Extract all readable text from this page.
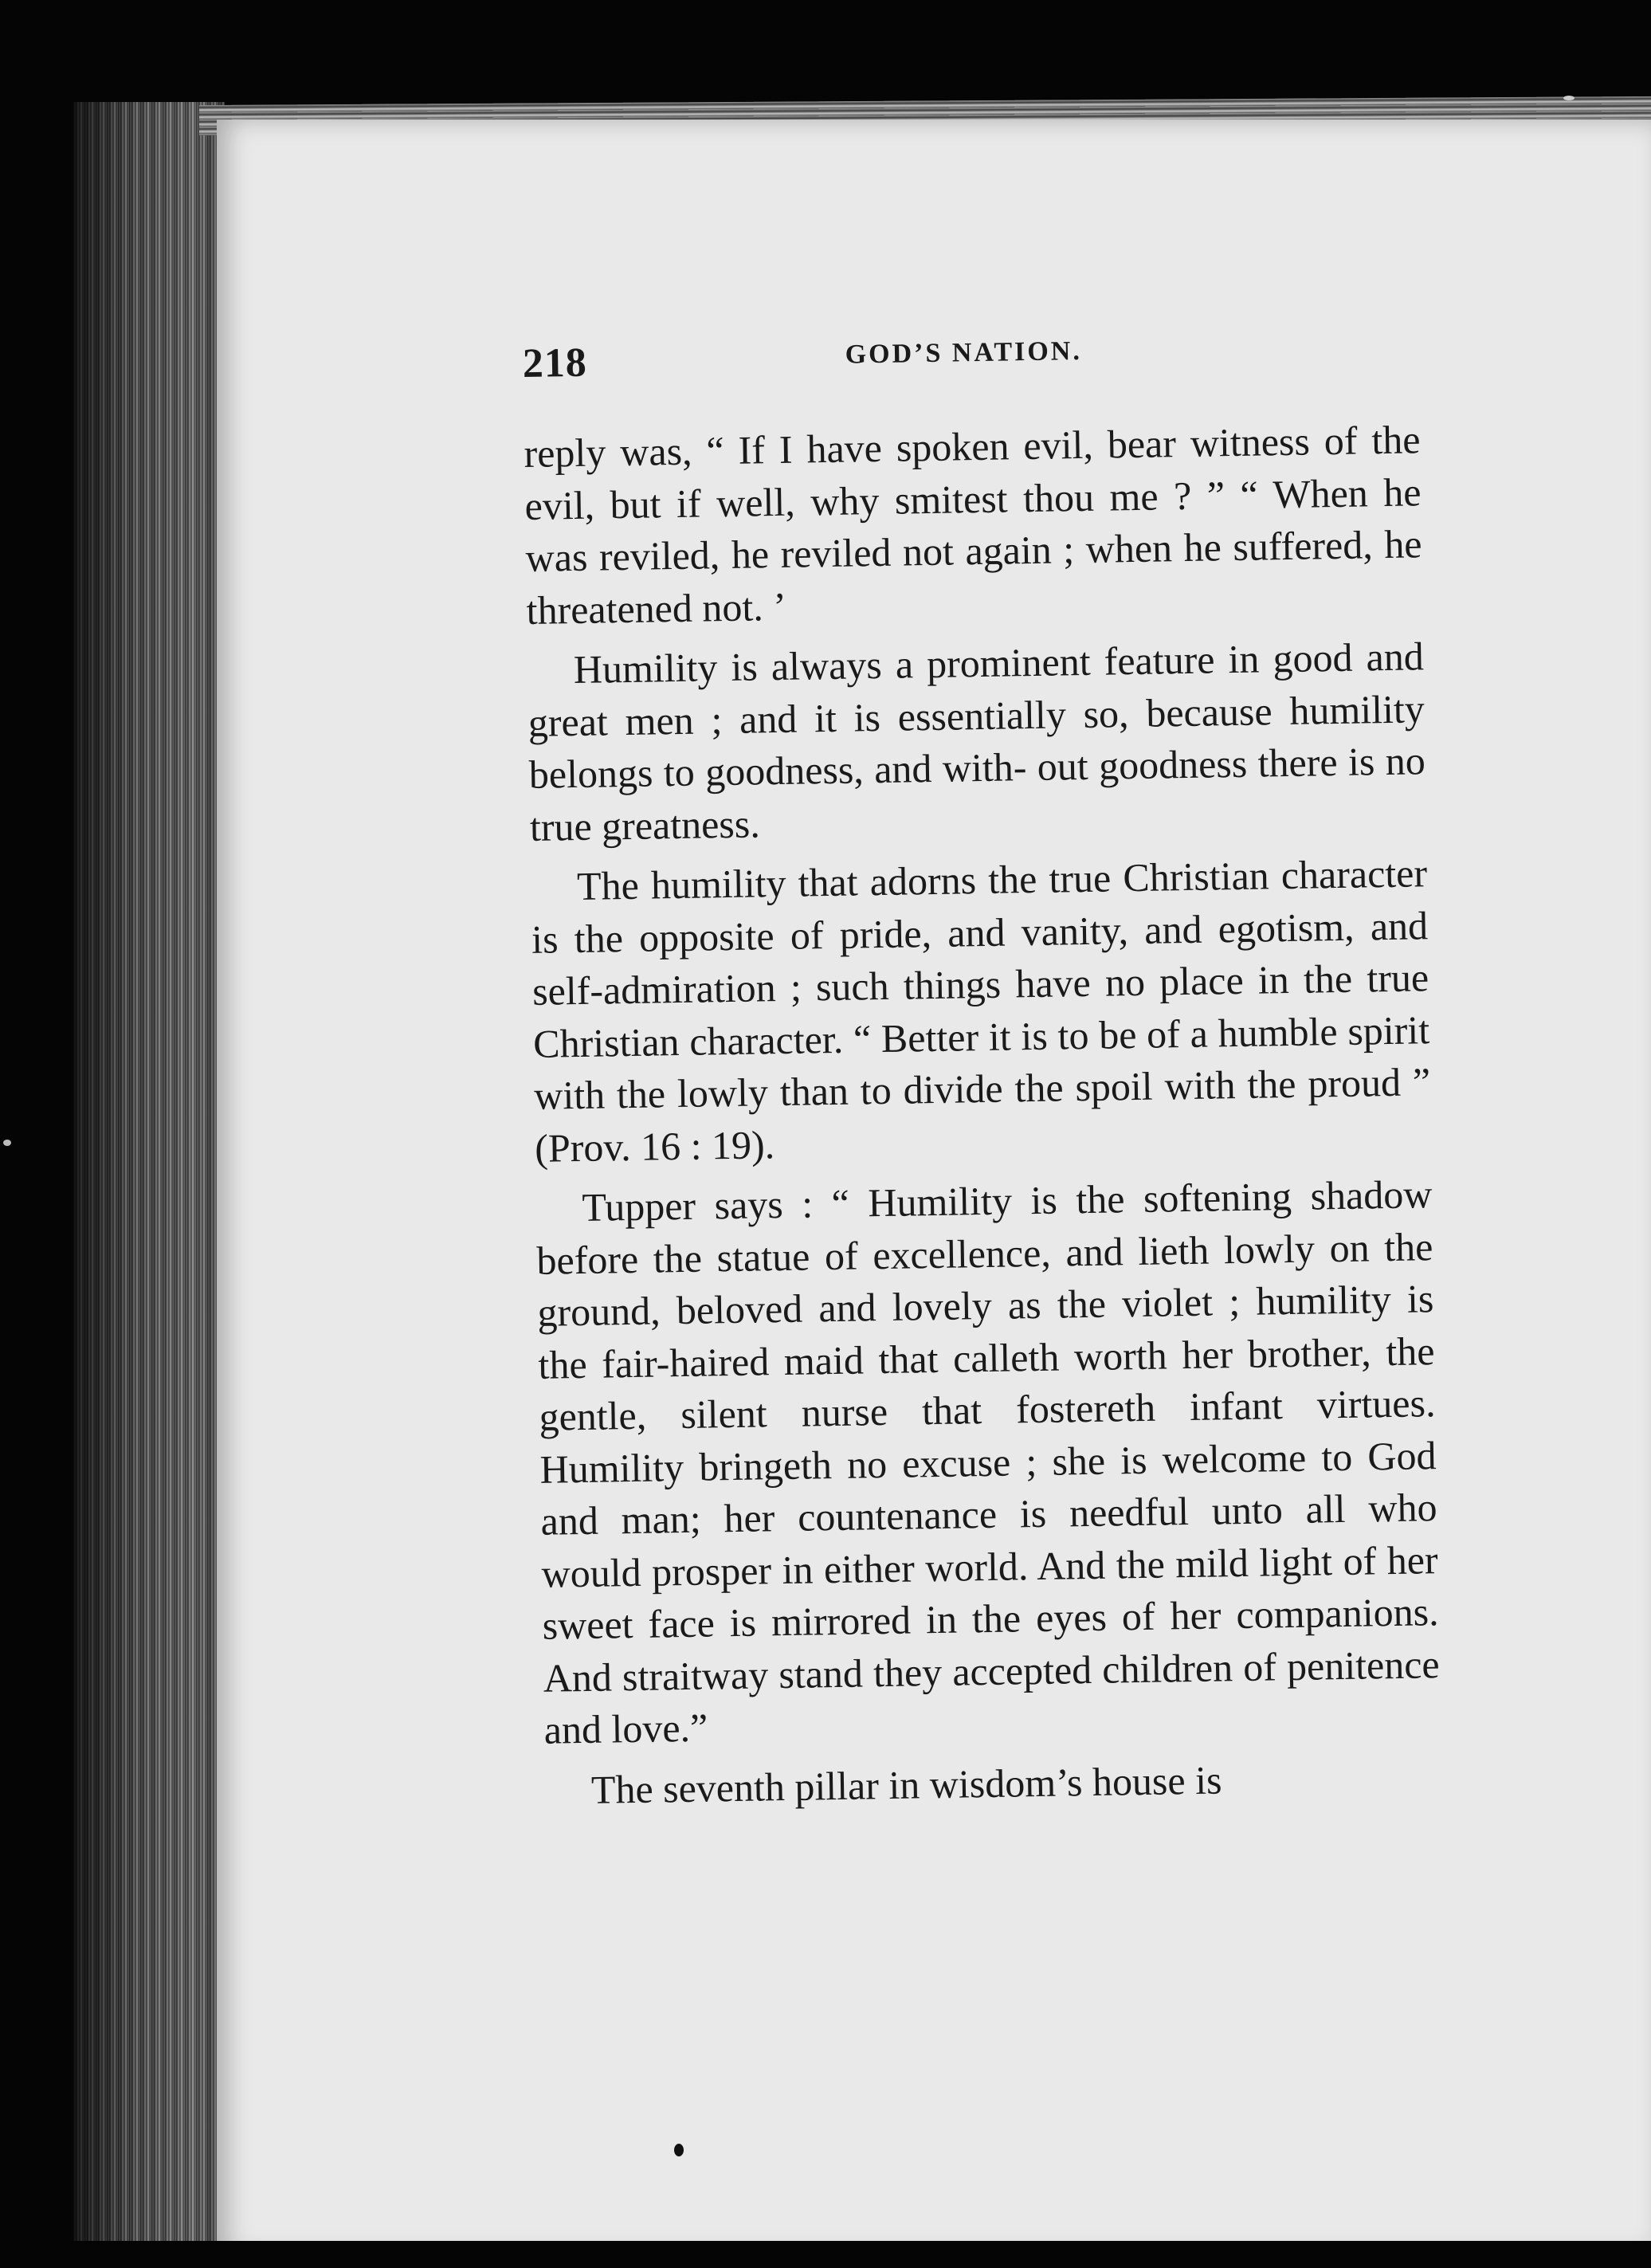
218	GOD’S NATION.

reply was, “ If I have spoken evil, bear witness of the evil, but if well, why smitest thou me ? ” “ When he was reviled, he reviled not again ; when he suffered, he threatened not. ’

Humility is always a prominent feature in good and great men ; and it is essentially so, because humility belongs to goodness, and with- out goodness there is no true greatness.

The humility that adorns the true Christian character is the opposite of pride, and vanity, and egotism, and self-admiration ; such things have no place in the true Christian character. “ Better it is to be of a humble spirit with the lowly than to divide the spoil with the proud ” (Prov. 16 : 19).

Tupper says : “ Humility is the softening shadow before the statue of excellence, and lieth lowly on the ground, beloved and lovely as the violet ; humility is the fair-haired maid that calleth worth her brother, the gentle, silent nurse that fostereth infant virtues. Humility bringeth no excuse ; she is welcome to God and man; her countenance is needful unto all who would prosper in either world. And the mild light of her sweet face is mirrored in the eyes of her companions. And straitway stand they accepted children of penitence and love.”

The seventh pillar in wisdom’s house is
